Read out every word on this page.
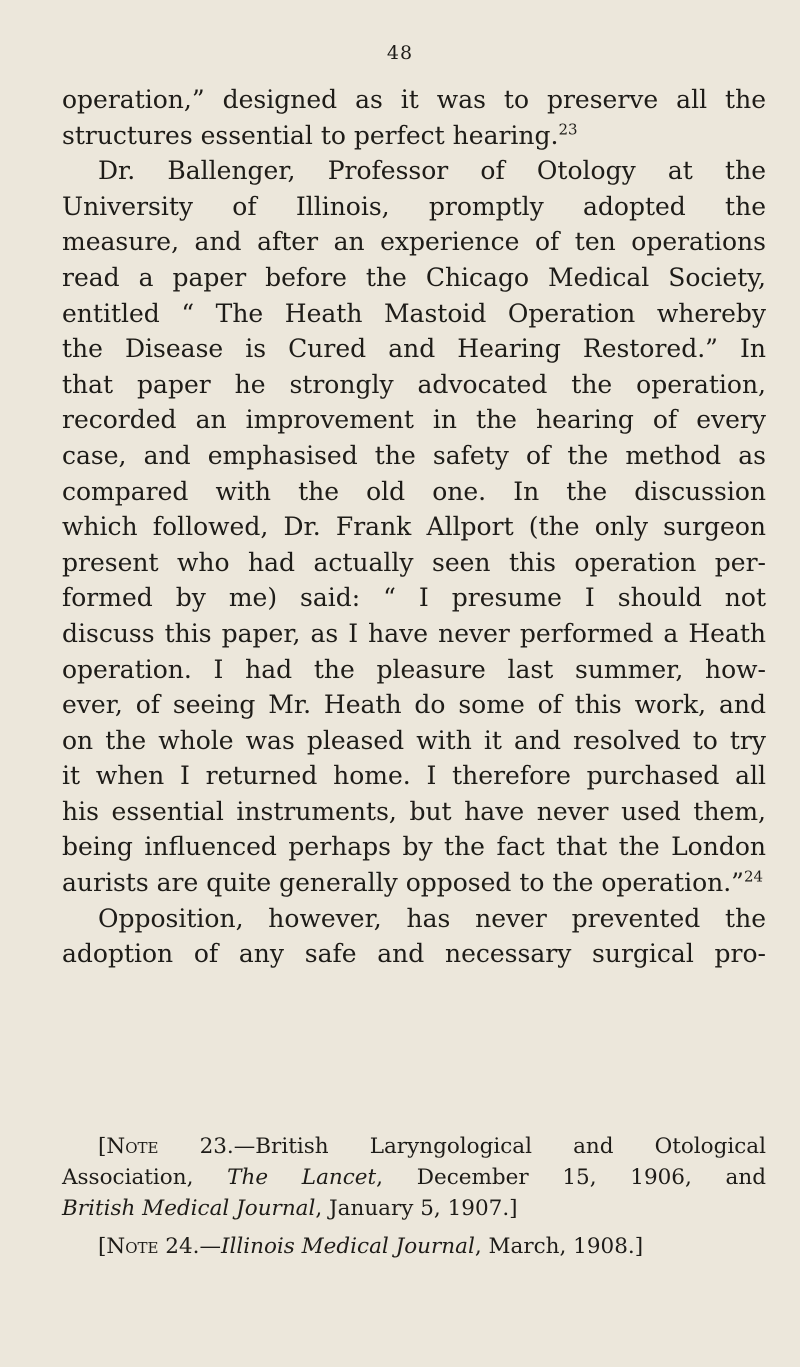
48
operation,” designed as it was to preserve all the
structures essential to perfect hearing.$^{23}$
Dr. Ballenger, Professor of Otology at the
University of Illinois, promptly adopted the
measure, and after an experience of ten operations
read a paper before the Chicago Medical Society,
entitled “ The Heath Mastoid Operation whereby
the Disease is Cured and Hearing Restored.” In
that paper he strongly advocated the operation,
recorded an improvement in the hearing of every
case, and emphasised the safety of the method as
compared with the old one. In the discussion
which followed, Dr. Frank Allport (the only surgeon
present who had actually seen this operation per-
formed by me) said: “ I presume I should not
discuss this paper, as I have never performed a Heath
operation. I had the pleasure last summer, how-
ever, of seeing Mr. Heath do some of this work, and
on the whole was pleased with it and resolved to try
it when I returned home. I therefore purchased all
his essential instruments, but have never used them,
being influenced perhaps by the fact that the London
aurists are quite generally opposed to the operation.”$^{24}$
Opposition, however, has never prevented the
adoption of any safe and necessary surgical pro-
[Note 23.—British Laryngological and Otological
Association, The Lancet, December 15, 1906, and
British Medical Journal, January 5, 1907.]
[Note 24.—Illinois Medical Journal, March, 1908.]
